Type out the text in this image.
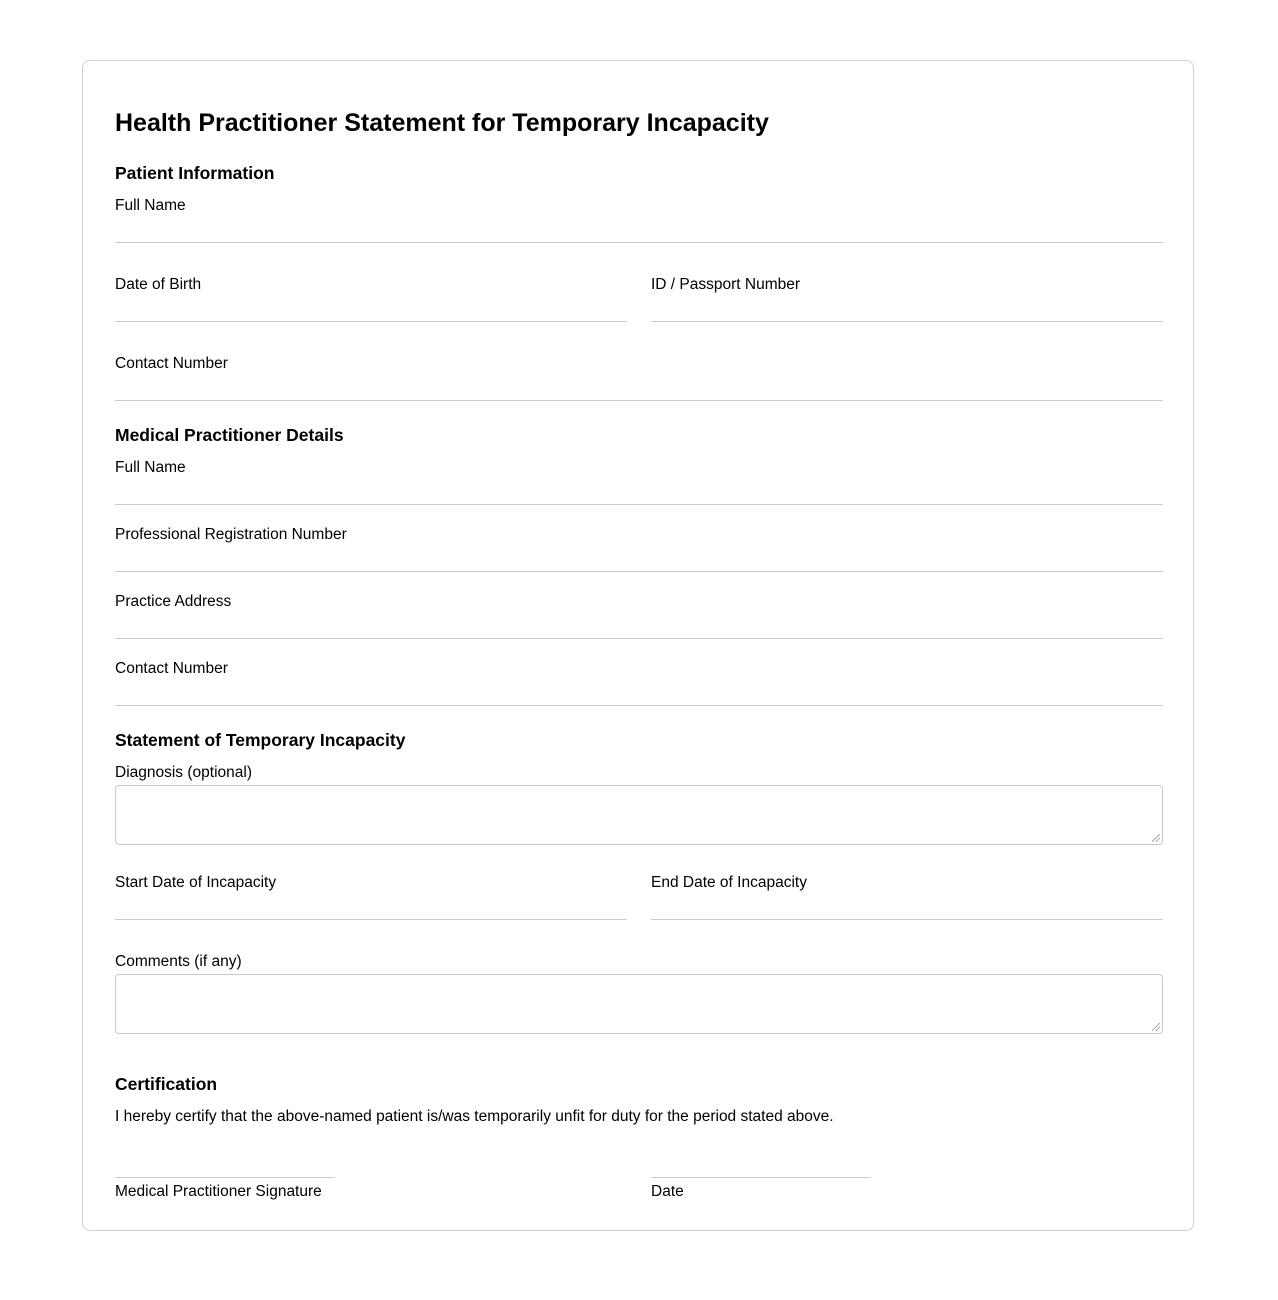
Health Practitioner Statement for Temporary Incapacity
Patient Information
Full Name
Date of Birth	ID / Passport Number
Contact Number
Medical Practitioner Details
Full Name
Professional Registration Number
Practice Address
Contact Number
Statement of Temporary Incapacity
Diagnosis (optional)
Start Date of Incapacity	End Date of Incapacity
Comments (if any)
Certification
I hereby certify that the above-named patient is/was temporarily unfit for duty for the period stated above.
Medical Practitioner Signature	Date
